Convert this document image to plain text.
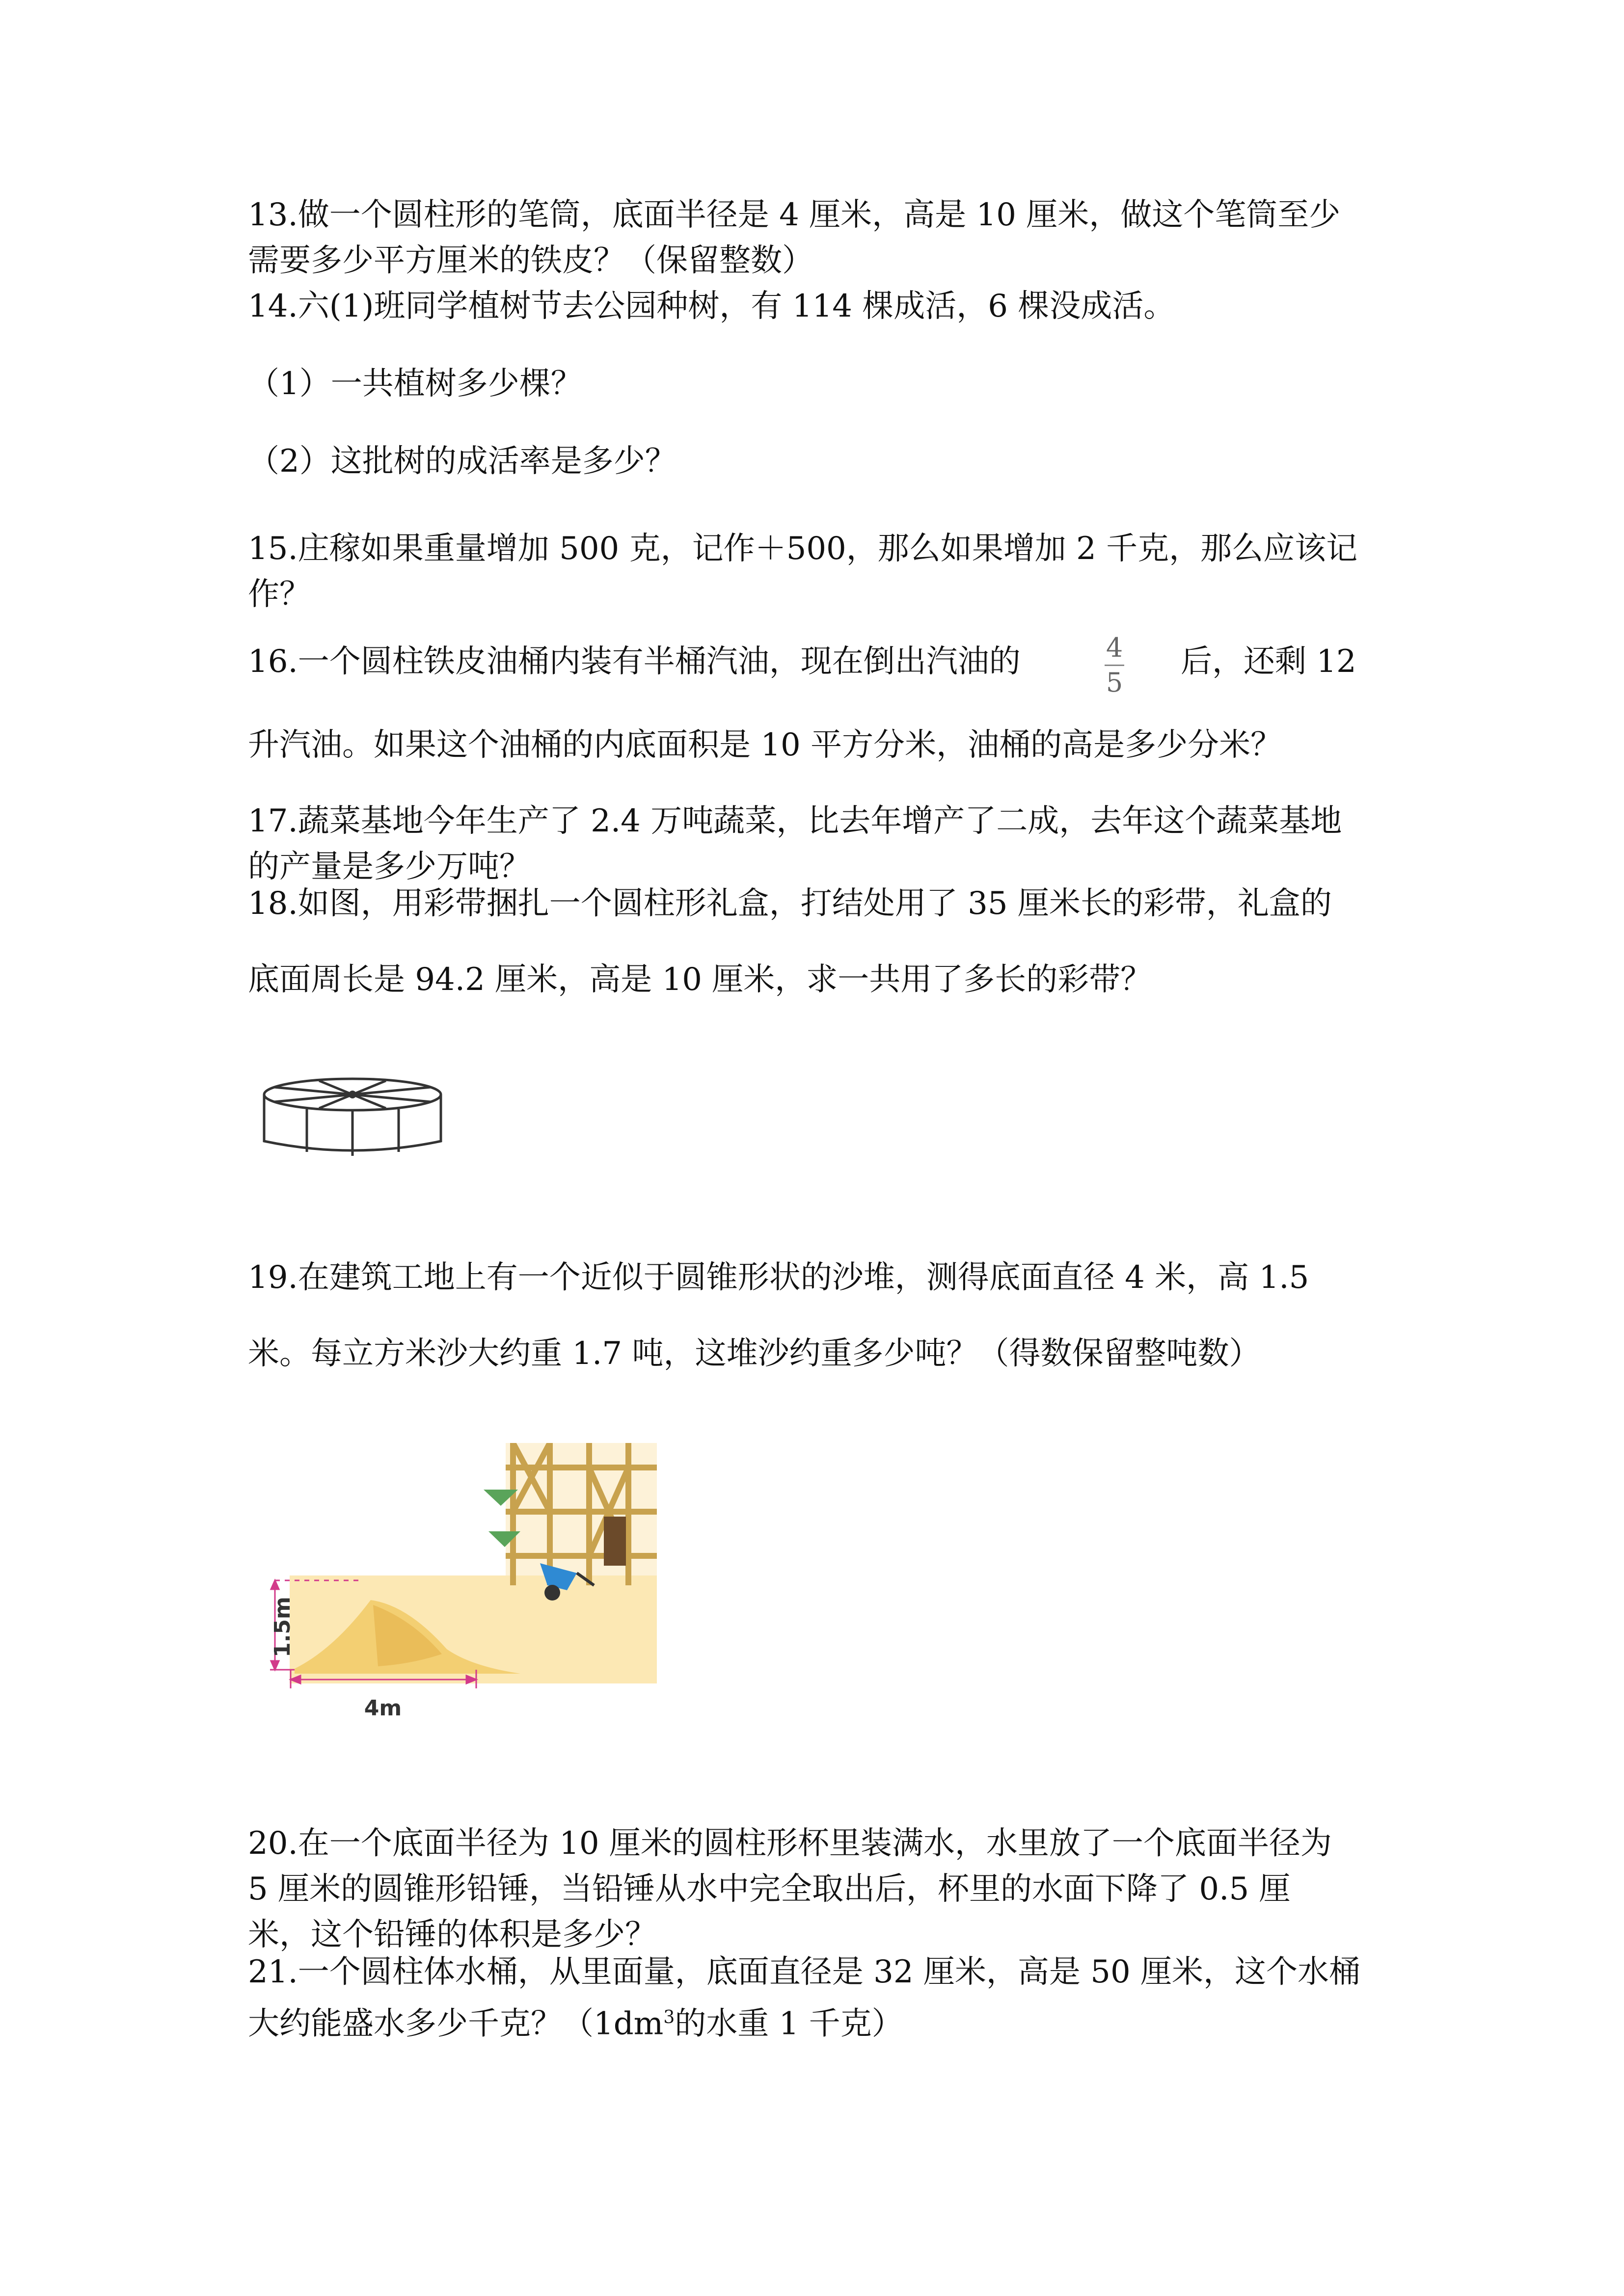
13.做一个圆柱形的笔筒，底面半径是 4 厘米，高是 10 厘米，做这个笔筒至少
需要多少平方厘米的铁皮？（保留整数）
14.六(1)班同学植树节去公园种树，有 114 棵成活，6 棵没成活。
（1）一共植树多少棵？
（2）这批树的成活率是多少？
15.庄稼如果重量增加 500 克，记作＋500，那么如果增加 2 千克，那么应该记
作？
16.一个圆柱铁皮油桶内装有半桶汽油，现在倒出汽油的	4
5
后，还剩 12
升汽油。如果这个油桶的内底面积是 10 平方分米，油桶的高是多少分米？
17.蔬菜基地今年生产了 2.4 万吨蔬菜，比去年增产了二成，去年这个蔬菜基地
的产量是多少万吨？
18.如图，用彩带捆扎一个圆柱形礼盒，打结处用了 35 厘米长的彩带，礼盒的
底面周长是 94.2 厘米，高是 10 厘米，求一共用了多长的彩带？
19.在建筑工地上有一个近似于圆锥形状的沙堆，测得底面直径 4 米，高 1.5
米。每立方米沙大约重 1.7 吨，这堆沙约重多少吨？（得数保留整吨数）
1.5m
4m
20.在一个底面半径为 10 厘米的圆柱形杯里装满水，水里放了一个底面半径为
5 厘米的圆锥形铅锤，当铅锤从水中完全取出后，杯里的水面下降了 0.5 厘
米，这个铅锤的体积是多少？
21.一个圆柱体水桶，从里面量，底面直径是 32 厘米，高是 50 厘米，这个水桶
大约能盛水多少千克？（$1dm^3$的水重 1 千克）
